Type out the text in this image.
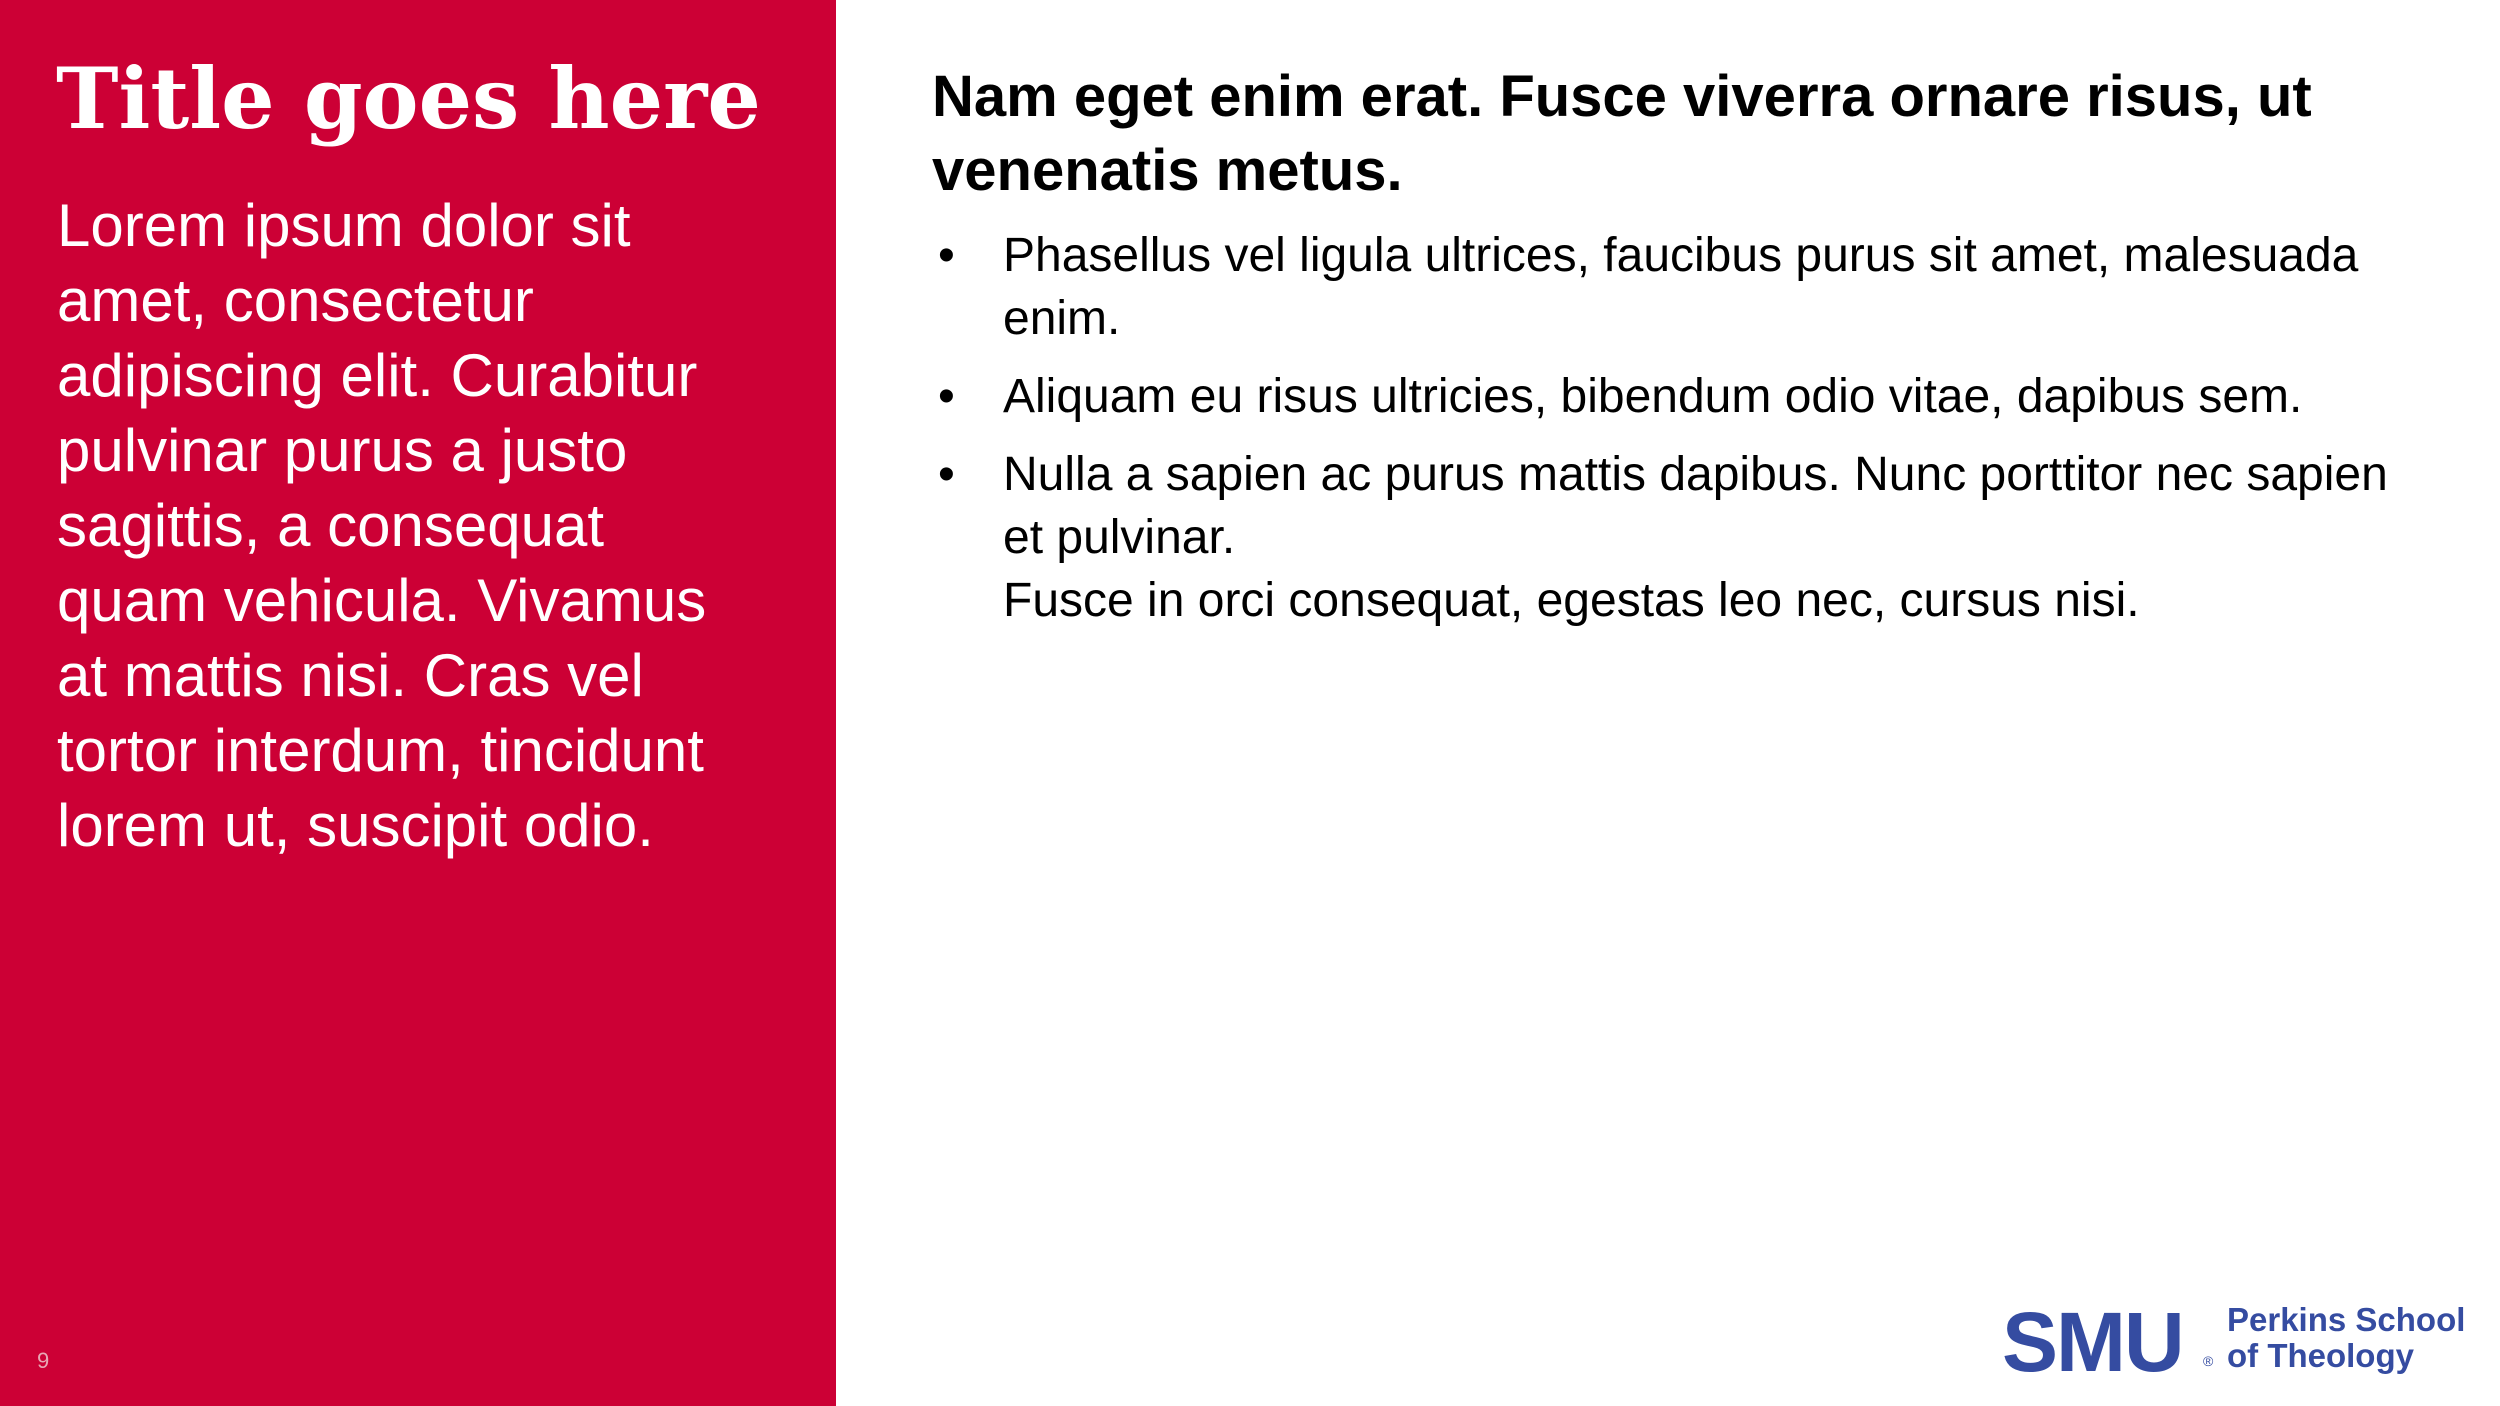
Title goes here

Lorem ipsum dolor sit amet, consectetur adipiscing elit. Curabitur pulvinar purus a justo sagittis, a consequat quam vehicula. Vivamus at mattis nisi. Cras vel tortor interdum, tincidunt lorem ut, suscipit odio.

9
Nam eget enim erat. Fusce viverra ornare risus, ut venenatis metus.
• Phasellus vel ligula ultrices, faucibus purus sit amet, malesuada enim.
• Aliquam eu risus ultricies, bibendum odio vitae, dapibus sem.
• Nulla a sapien ac purus mattis dapibus. Nunc porttitor nec sapien et pulvinar.
Fusce in orci consequat, egestas leo nec, cursus nisi.
SMU ®
Perkins School
of Theology
